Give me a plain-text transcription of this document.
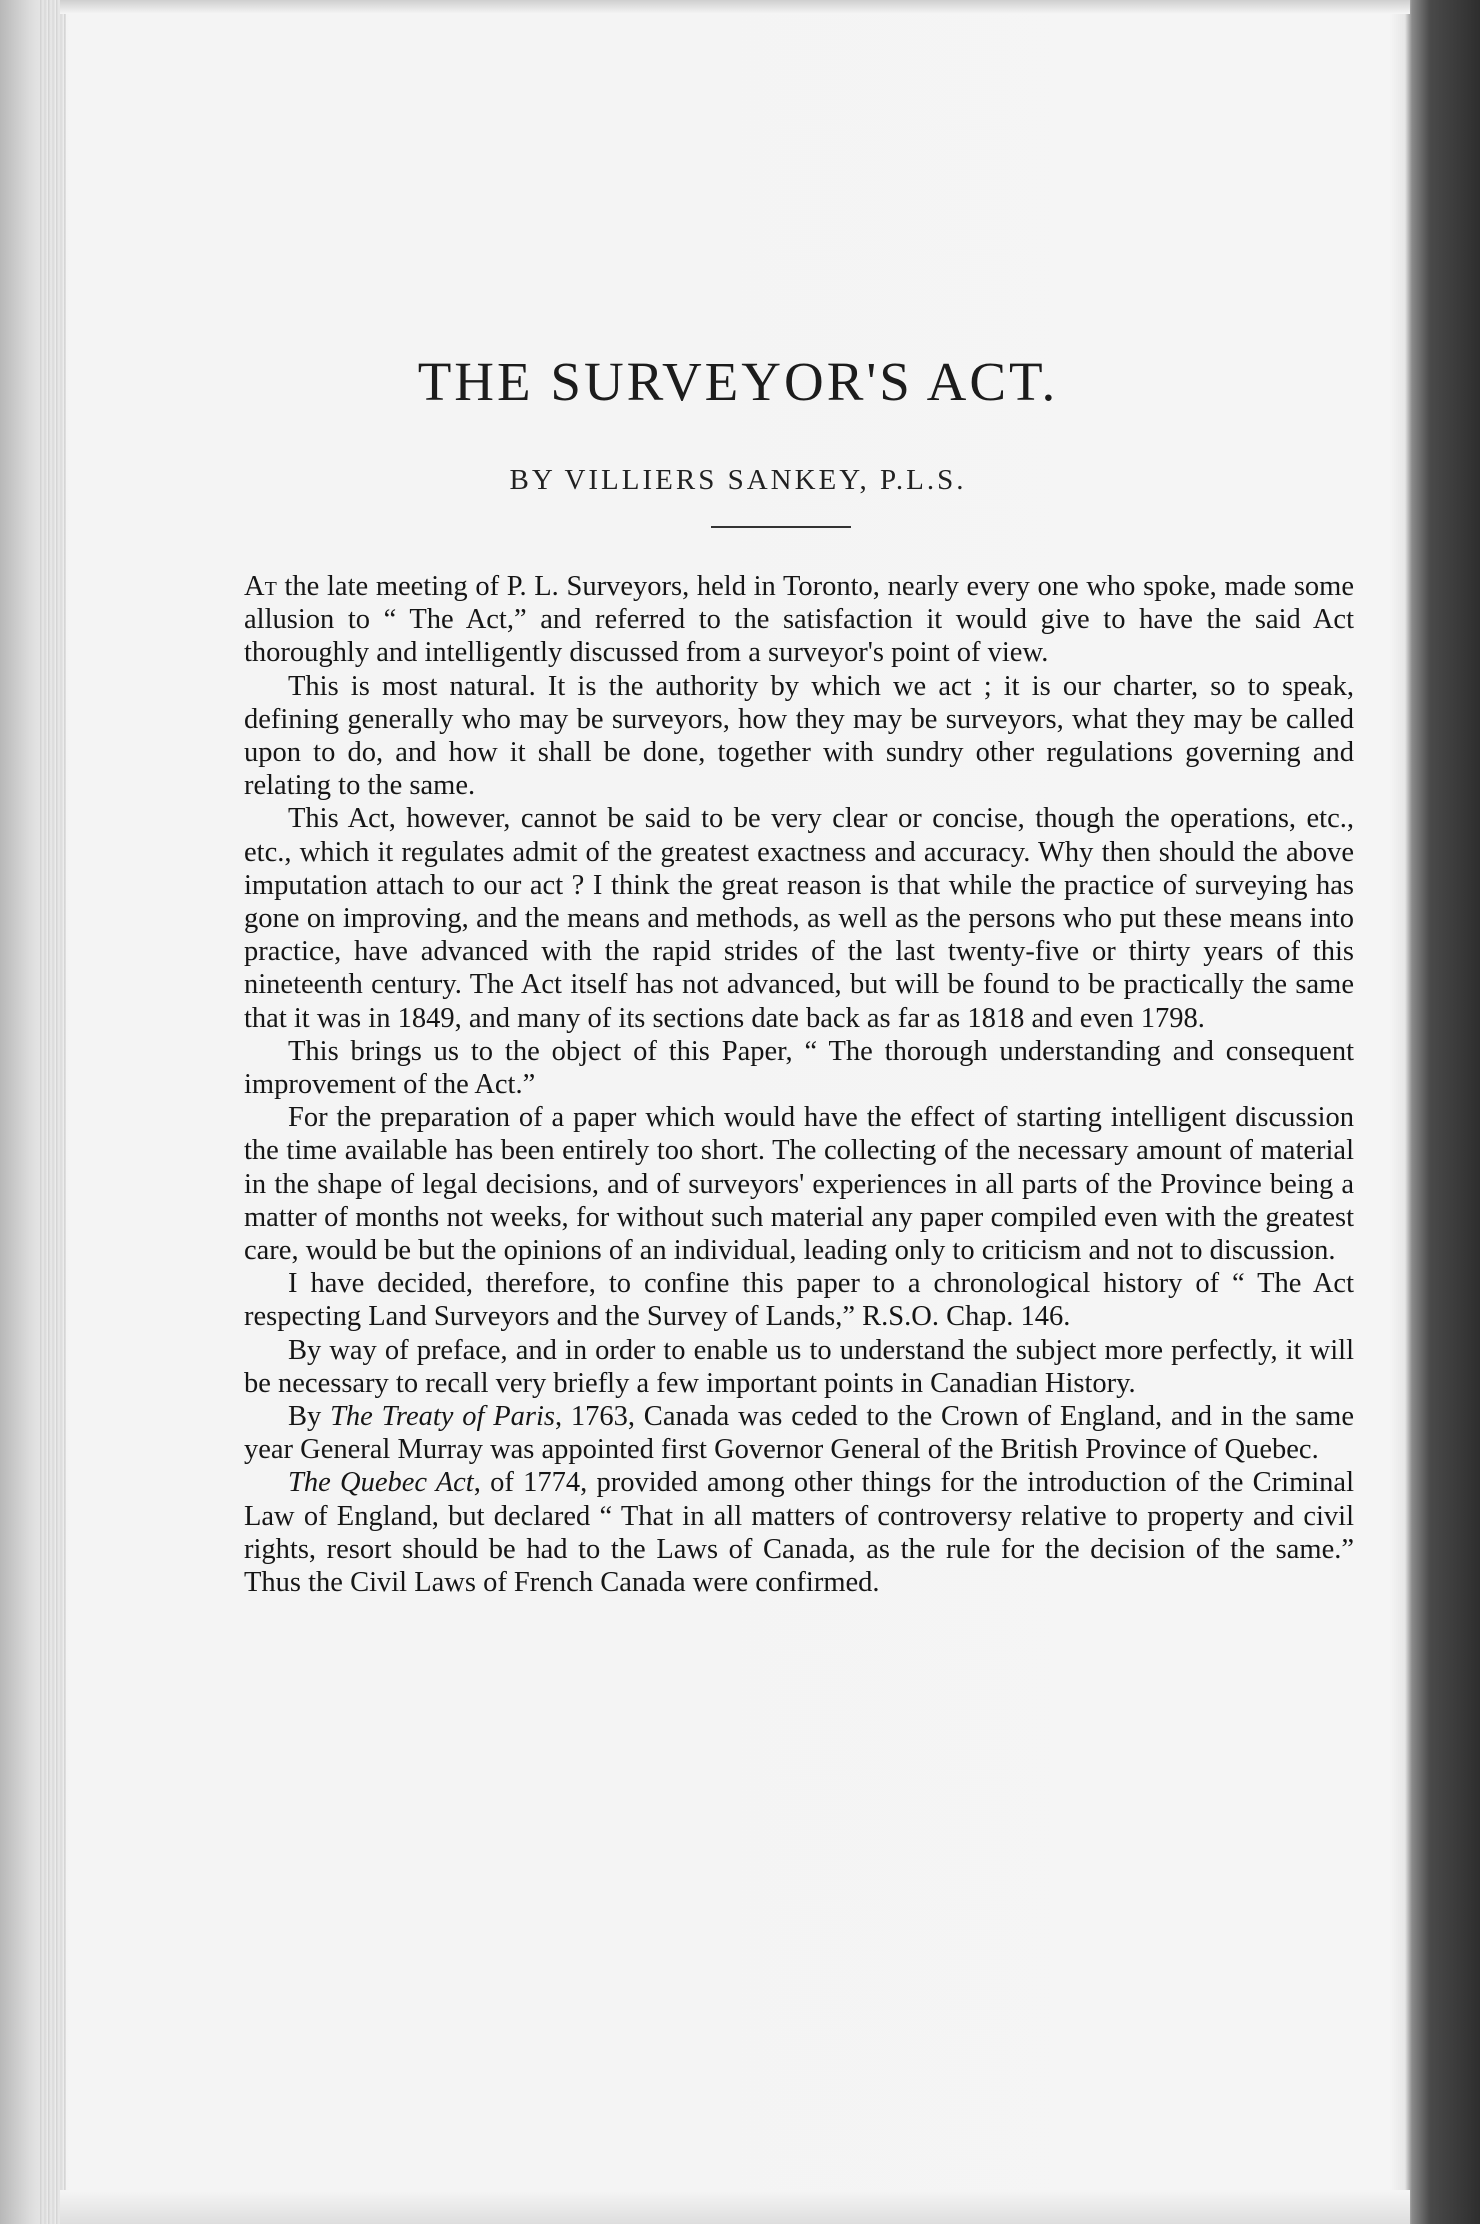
THE SURVEYOR'S ACT.
BY VILLIERS SANKEY, P.L.S.

At the late meeting of P. L. Surveyors, held in Toronto, nearly every one who spoke, made some allusion to “ The Act,” and referred to the satisfaction it would give to have the said Act thoroughly and intelligently discussed from a surveyor's point of view.

This is most natural. It is the authority by which we act ; it is our charter, so to speak, defining generally who may be surveyors, how they may be surveyors, what they may be called upon to do, and how it shall be done, together with sundry other regulations governing and relating to the same.

This Act, however, cannot be said to be very clear or concise, though the operations, etc., etc., which it regulates admit of the greatest exactness and accuracy. Why then should the above imputation attach to our act ? I think the great reason is that while the practice of surveying has gone on improving, and the means and methods, as well as the persons who put these means into practice, have advanced with the rapid strides of the last twenty-five or thirty years of this nineteenth century. The Act itself has not advanced, but will be found to be practically the same that it was in 1849, and many of its sections date back as far as 1818 and even 1798.

This brings us to the object of this Paper, “ The thorough understanding and consequent improvement of the Act.”

For the preparation of a paper which would have the effect of starting intelligent discussion the time available has been entirely too short. The collecting of the necessary amount of material in the shape of legal decisions, and of surveyors' experiences in all parts of the Province being a matter of months not weeks, for without such material any paper compiled even with the greatest care, would be but the opinions of an individual, leading only to criticism and not to discussion.

I have decided, therefore, to confine this paper to a chronological history of “ The Act respecting Land Surveyors and the Survey of Lands,” R.S.O. Chap. 146.

By way of preface, and in order to enable us to understand the subject more perfectly, it will be necessary to recall very briefly a few important points in Canadian History.

By The Treaty of Paris, 1763, Canada was ceded to the Crown of England, and in the same year General Murray was appointed first Governor General of the British Province of Quebec.

The Quebec Act, of 1774, provided among other things for the introduction of the Criminal Law of England, but declared “ That in all matters of controversy relative to property and civil rights, resort should be had to the Laws of Canada, as the rule for the decision of the same.” Thus the Civil Laws of French Canada were confirmed.
